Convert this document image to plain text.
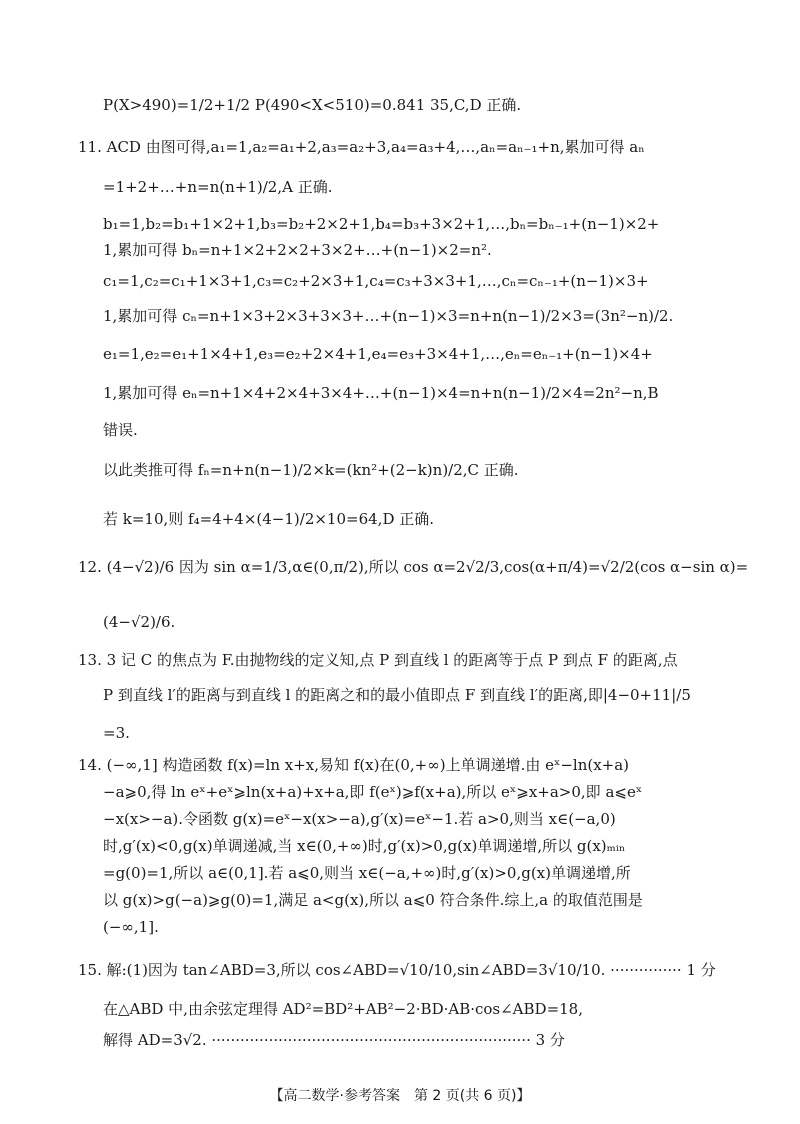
P(X>490)=1/2+1/2 P(490<X<510)=0.841 35,C,D 正确.
11. ACD 由图可得,a₁=1,a₂=a₁+2,a₃=a₂+3,a₄=a₃+4,…,aₙ=aₙ₋₁+n,累加可得 aₙ
=1+2+…+n=n(n+1)/2,A 正确.
b₁=1,b₂=b₁+1×2+1,b₃=b₂+2×2+1,b₄=b₃+3×2+1,…,bₙ=bₙ₋₁+(n−1)×2+
1,累加可得 bₙ=n+1×2+2×2+3×2+…+(n−1)×2=n².
c₁=1,c₂=c₁+1×3+1,c₃=c₂+2×3+1,c₄=c₃+3×3+1,…,cₙ=cₙ₋₁+(n−1)×3+
1,累加可得 cₙ=n+1×3+2×3+3×3+…+(n−1)×3=n+n(n−1)/2×3=(3n²−n)/2.
e₁=1,e₂=e₁+1×4+1,e₃=e₂+2×4+1,e₄=e₃+3×4+1,…,eₙ=eₙ₋₁+(n−1)×4+
1,累加可得 eₙ=n+1×4+2×4+3×4+…+(n−1)×4=n+n(n−1)/2×4=2n²−n,B
错误.
以此类推可得 fₙ=n+n(n−1)/2×k=(kn²+(2−k)n)/2,C 正确.
若 k=10,则 f₄=4+4×(4−1)/2×10=64,D 正确.
12. (4−√2)/6 因为 sin α=1/3,α∈(0,π/2),所以 cos α=2√2/3,cos(α+π/4)=√2/2(cos α−sin α)=
(4−√2)/6.
13. 3 记 C 的焦点为 F.由抛物线的定义知,点 P 到直线 l 的距离等于点 P 到点 F 的距离,点
P 到直线 l′的距离与到直线 l 的距离之和的最小值即点 F 到直线 l′的距离,即|4−0+11|/5
=3.
14. (−∞,1] 构造函数 f(x)=ln x+x,易知 f(x)在(0,+∞)上单调递增.由 eˣ−ln(x+a)
−a⩾0,得 ln eˣ+eˣ⩾ln(x+a)+x+a,即 f(eˣ)⩾f(x+a),所以 eˣ⩾x+a>0,即 a⩽eˣ
−x(x>−a).令函数 g(x)=eˣ−x(x>−a),g′(x)=eˣ−1.若 a>0,则当 x∈(−a,0)
时,g′(x)<0,g(x)单调递减,当 x∈(0,+∞)时,g′(x)>0,g(x)单调递增,所以 g(x)ₘᵢₙ
=g(0)=1,所以 a∈(0,1].若 a⩽0,则当 x∈(−a,+∞)时,g′(x)>0,g(x)单调递增,所
以 g(x)>g(−a)⩾g(0)=1,满足 a<g(x),所以 a⩽0 符合条件.综上,a 的取值范围是
(−∞,1].
15. 解:(1)因为 tan∠ABD=3,所以 cos∠ABD=√10/10,sin∠ABD=3√10/10. ··············· 1 分
在△ABD 中,由余弦定理得 AD²=BD²+AB²−2·BD·AB·cos∠ABD=18,
解得 AD=3√2. ··································································· 3 分
【高二数学·参考答案　第 2 页(共 6 页)】
